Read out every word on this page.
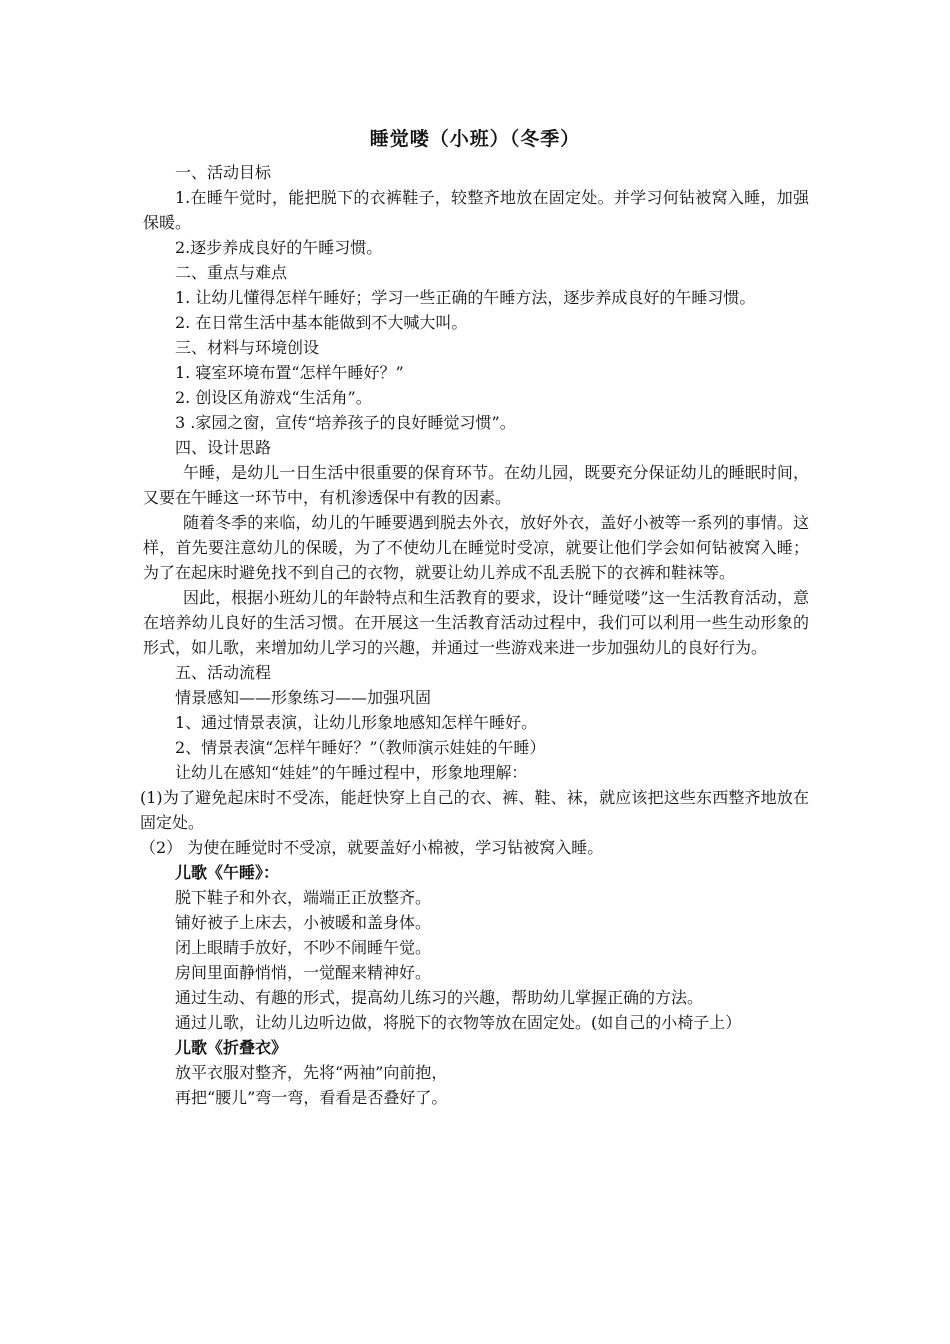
睡觉喽（小班）（冬季）

一、活动目标

1.在睡午觉时，能把脱下的衣裤鞋子，较整齐地放在固定处。并学习何钻被窝入睡，加强保暖。

2.逐步养成良好的午睡习惯。

二、重点与难点

1. 让幼儿懂得怎样午睡好；学习一些正确的午睡方法，逐步养成良好的午睡习惯。

2. 在日常生活中基本能做到不大喊大叫。

三、材料与环境创设

1. 寝室环境布置“怎样午睡好？”

2. 创设区角游戏“生活角”。

3 .家园之窗，宣传“培养孩子的良好睡觉习惯”。

四、设计思路

午睡，是幼儿一日生活中很重要的保育环节。在幼儿园，既要充分保证幼儿的睡眠时间，又要在午睡这一环节中，有机渗透保中有教的因素。

随着冬季的来临，幼儿的午睡要遇到脱去外衣，放好外衣，盖好小被等一系列的事情。这样，首先要注意幼儿的保暖，为了不使幼儿在睡觉时受凉，就要让他们学会如何钻被窝入睡；为了在起床时避免找不到自己的衣物，就要让幼儿养成不乱丢脱下的衣裤和鞋袜等。

因此，根据小班幼儿的年龄特点和生活教育的要求，设计“睡觉喽”这一生活教育活动，意在培养幼儿良好的生活习惯。在开展这一生活教育活动过程中，我们可以利用一些生动形象的形式，如儿歌，来增加幼儿学习的兴趣，并通过一些游戏来进一步加强幼儿的良好行为。

五、活动流程

情景感知——形象练习——加强巩固

1、通过情景表演，让幼儿形象地感知怎样午睡好。

2、情景表演“怎样午睡好？”（教师演示娃娃的午睡）

让幼儿在感知“娃娃”的午睡过程中，形象地理解：

(1)为了避免起床时不受冻，能赶快穿上自己的衣、裤、鞋、袜，就应该把这些东西整齐地放在固定处。

（2） 为使在睡觉时不受凉，就要盖好小棉被，学习钻被窝入睡。

儿歌《午睡》：

脱下鞋子和外衣，端端正正放整齐。

铺好被子上床去，小被暖和盖身体。

闭上眼睛手放好，不吵不闹睡午觉。

房间里面静悄悄，一觉醒来精神好。

通过生动、有趣的形式，提高幼儿练习的兴趣，帮助幼儿掌握正确的方法。

通过儿歌，让幼儿边听边做，将脱下的衣物等放在固定处。(如自己的小椅子上）

儿歌《折叠衣》

放平衣服对整齐，先将“两袖”向前抱，

再把“腰儿”弯一弯，看看是否叠好了。
